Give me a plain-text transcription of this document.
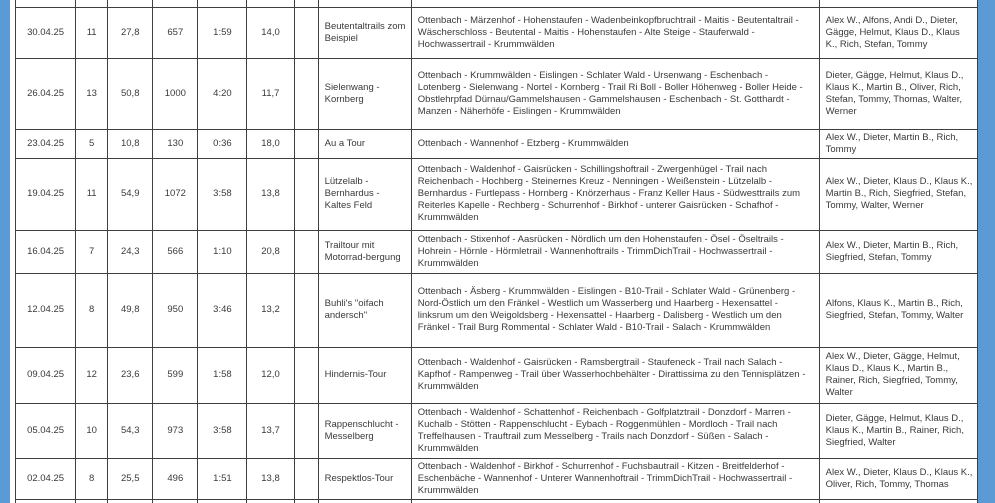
30.04.25	11	27,8	657	1:59	14,0		Beutentaltrails zom Beispiel	Ottenbach - Märzenhof - Hohenstaufen - Wadenbeinkopfbruchtrail - Maitis - Beutentaltrail - Wäscherschloss - Beutental - Maitis - Hohenstaufen - Alte Steige - Stauferwald - Hochwassertrail - Krummwälden	Alex W., Alfons, Andi D., Dieter, Gägge, Helmut, Klaus D., Klaus K., Rich, Stefan, Tommy
26.04.25	13	50,8	1000	4:20	11,7		Sielenwang - Kornberg	Ottenbach - Krummwälden - Eislingen - Schlater Wald - Ursenwang - Eschenbach - Lotenberg - Sielenwang - Nortel - Kornberg - Trail Ri Boll - Boller Höhenweg - Boller Heide - Obstlehrpfad Dürnau/Gammelshausen - Gammelshausen - Eschenbach - St. Gotthardt - Manzen - Näherhöfe - Eislingen - Krummwälden	Dieter, Gägge, Helmut, Klaus D., Klaus K., Martin B., Oliver, Rich, Stefan, Tommy, Thomas, Walter, Werner
23.04.25	5	10,8	130	0:36	18,0		Au a Tour	Ottenbach - Wannenhof - Etzberg - Krummwälden	Alex W., Dieter, Martin B., Rich, Tommy
19.04.25	11	54,9	1072	3:58	13,8		Lützelalb - Bernhardus - Kaltes Feld	Ottenbach - Waldenhof - Gaisrücken - Schillingshoftrail - Zwergenhügel - Trail nach Reichenbach - Hochberg - Steinernes Kreuz - Nenningen - Weißenstein - Lützelalb - Bernhardus - Furtlepass - Hornberg - Knörzerhaus - Franz Keller Haus - Südwesttrails zum Reiterles Kapelle - Rechberg - Schurrenhof - Birkhof - unterer Gaisrücken - Schafhof - Krummwälden	Alex W., Dieter, Klaus D., Klaus K., Martin B., Rich, Siegfried, Stefan, Tommy, Walter, Werner
16.04.25	7	24,3	566	1:10	20,8		Trailtour mit Motorrad-bergung	Ottenbach - Stixenhof - Aasrücken - Nördlich um den Hohenstaufen - Ösel - Öseltrails - Hohrein - Hörnle - Hörmletrail - Wannenhoftrails - TrimmDichTrail - Hochwassertrail - Krummwälden	Alex W., Dieter, Martin B., Rich, Siegfried, Stefan, Tommy
12.04.25	8	49,8	950	3:46	13,2		Buhli's "oifach andersch"	Ottenbach - Äsberg - Krummwälden - Eislingen - B10-Trail - Schlater Wald - Grünenberg - Nord-Östlich um den Fränkel - Westlich um Wasserberg und Haarberg - Hexensattel - linksrum um den Weigoldsberg - Hexensattel - Haarberg - Dalisberg - Westlich um den Fränkel - Trail Burg Rommental - Schlater Wald - B10-Trail - Salach - Krummwälden	Alfons, Klaus K., Martin B., Rich, Siegfried, Stefan, Tommy, Walter
09.04.25	12	23,6	599	1:58	12,0		Hindernis-Tour	Ottenbach - Waldenhof - Gaisrücken - Ramsbergtrail - Staufeneck - Trail nach Salach - Kapfhof - Rampenweg - Trail über Wasserhochbehälter - Dirattissima zu den Tennisplätzen - Krummwälden	Alex W., Dieter, Gägge, Helmut, Klaus D., Klaus K., Martin B., Rainer, Rich, Siegfried, Tommy, Walter
05.04.25	10	54,3	973	3:58	13,7		Rappenschlucht - Messelberg	Ottenbach - Waldenhof - Schattenhof - Reichenbach - Golfplatztrail - Donzdorf - Marren - Kuchalb - Stötten - Rappenschlucht - Eybach - Roggenmühlen - Mordloch - Trail nach Treffelhausen - Trauftrail zum Messelberg - Trails nach Donzdorf - Süßen - Salach - Krummwälden	Dieter, Gägge, Helmut, Klaus D., Klaus K., Martin B., Rainer, Rich, Siegfried, Walter
02.04.25	8	25,5	496	1:51	13,8		Respektlos-Tour	Ottenbach - Waldenhof - Birkhof - Schurrenhof - Fuchsbautrail - Kitzen - Breitfelderhof - Eschenbäche - Wannenhof - Unterer Wannenhoftrail - TrimmDichTrail - Hochwassertrail - Krummwälden	Alex W., Dieter, Klaus D., Klaus K., Oliver, Rich, Tommy, Thomas
